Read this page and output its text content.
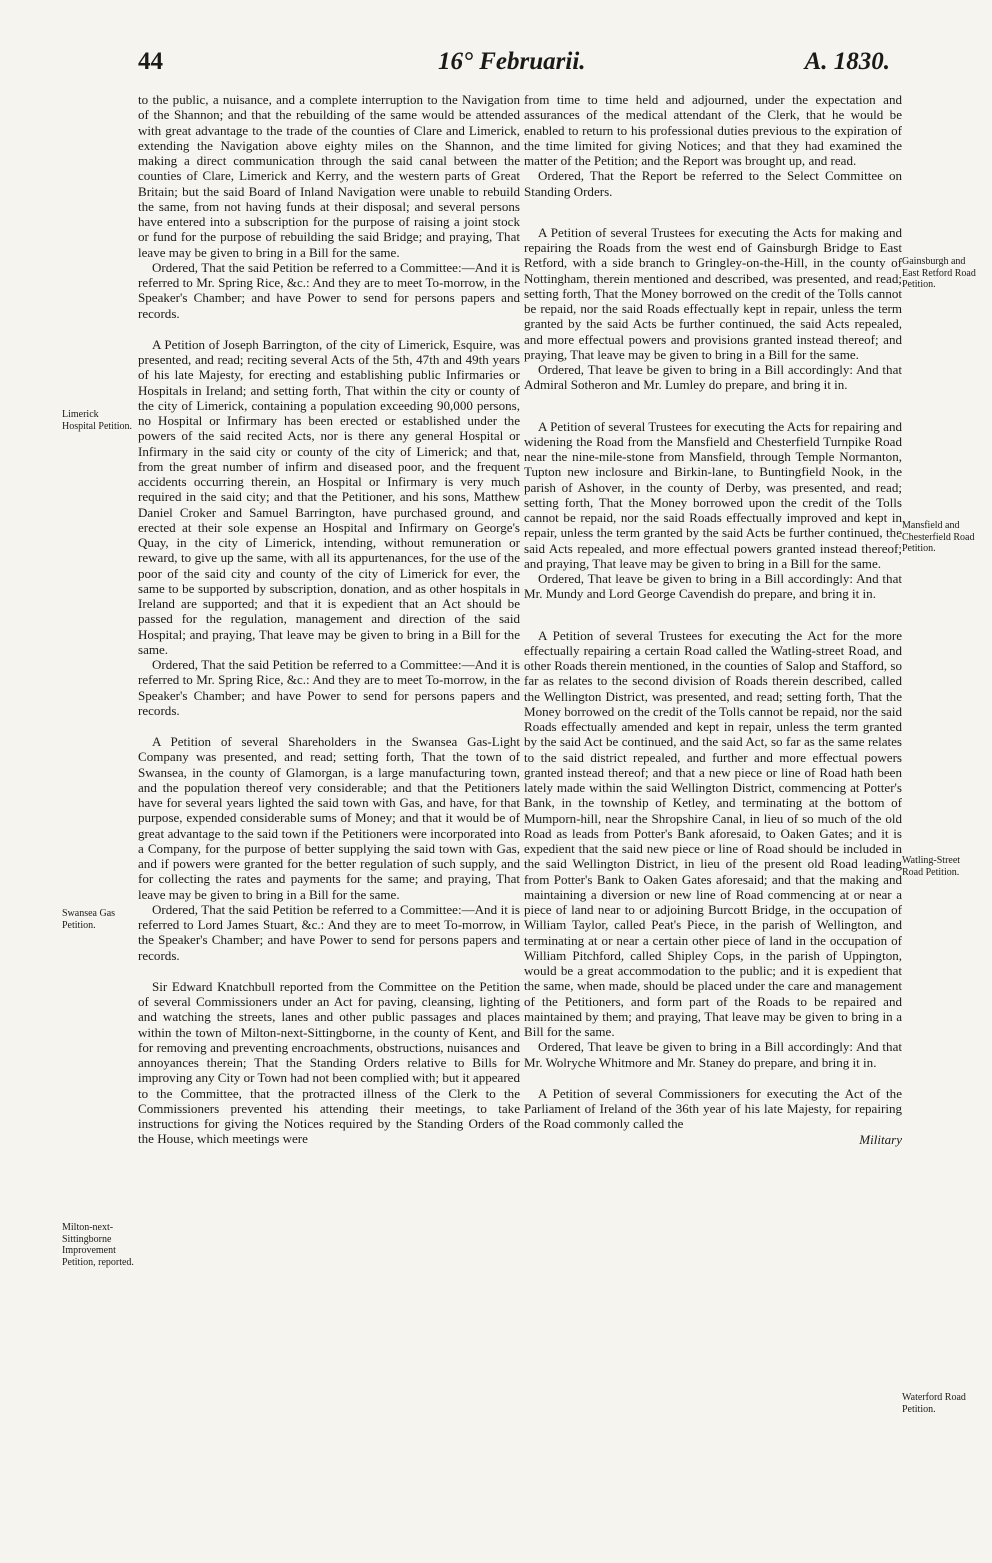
44	16° Februarii.	A. 1830.
Limerick Hospital Petition.
Swansea Gas Petition.
Milton-next-Sittingborne Improvement Petition, reported.
Gainsburgh and East Retford Road Petition.
Mansfield and Chesterfield Road Petition.
Watling-Street Road Petition.
Waterford Road Petition.

to the public, a nuisance, and a complete interruption to the Navigation of the Shannon; and that the rebuilding of the same would be attended with great advantage to the trade of the counties of Clare and Limerick, extending the Navigation above eighty miles on the Shannon, and making a direct communication through the said canal between the counties of Clare, Limerick and Kerry, and the western parts of Great Britain; but the said Board of Inland Navigation were unable to rebuild the same, from not having funds at their disposal; and several persons have entered into a subscription for the purpose of raising a joint stock or fund for the purpose of rebuilding the said Bridge; and praying, That leave may be given to bring in a Bill for the same.

Ordered, That the said Petition be referred to a Committee:—And it is referred to Mr. Spring Rice, &c.: And they are to meet To-morrow, in the Speaker's Chamber; and have Power to send for persons papers and records.

A Petition of Joseph Barrington, of the city of Limerick, Esquire, was presented, and read; reciting several Acts of the 5th, 47th and 49th years of his late Majesty, for erecting and establishing public Infirmaries or Hospitals in Ireland; and setting forth, That within the city or county of the city of Limerick, containing a population exceeding 90,000 persons, no Hospital or Infirmary has been erected or established under the powers of the said recited Acts, nor is there any general Hospital or Infirmary in the said city or county of the city of Limerick; and that, from the great number of infirm and diseased poor, and the frequent accidents occurring therein, an Hospital or Infirmary is very much required in the said city; and that the Petitioner, and his sons, Matthew Daniel Croker and Samuel Barrington, have purchased ground, and erected at their sole expense an Hospital and Infirmary on George's Quay, in the city of Limerick, intending, without remuneration or reward, to give up the same, with all its appurtenances, for the use of the poor of the said city and county of the city of Limerick for ever, the same to be supported by subscription, donation, and as other hospitals in Ireland are supported; and that it is expedient that an Act should be passed for the regulation, management and direction of the said Hospital; and praying, That leave may be given to bring in a Bill for the same.

Ordered, That the said Petition be referred to a Committee:—And it is referred to Mr. Spring Rice, &c.: And they are to meet To-morrow, in the Speaker's Chamber; and have Power to send for persons papers and records.

A Petition of several Shareholders in the Swansea Gas-Light Company was presented, and read; setting forth, That the town of Swansea, in the county of Glamorgan, is a large manufacturing town, and the population thereof very considerable; and that the Petitioners have for several years lighted the said town with Gas, and have, for that purpose, expended considerable sums of Money; and that it would be of great advantage to the said town if the Petitioners were incorporated into a Company, for the purpose of better supplying the said town with Gas, and if powers were granted for the better regulation of such supply, and for collecting the rates and payments for the same; and praying, That leave may be given to bring in a Bill for the same.

Ordered, That the said Petition be referred to a Committee:—And it is referred to Lord James Stuart, &c.: And they are to meet To-morrow, in the Speaker's Chamber; and have Power to send for persons papers and records.

Sir Edward Knatchbull reported from the Committee on the Petition of several Commissioners under an Act for paving, cleansing, lighting and watching the streets, lanes and other public passages and places within the town of Milton-next-Sittingborne, in the county of Kent, and for removing and preventing encroachments, obstructions, nuisances and annoyances therein; That the Standing Orders relative to Bills for improving any City or Town had not been complied with; but it appeared to the Committee, that the protracted illness of the Clerk to the Commissioners prevented his attending their meetings, to take instructions for giving the Notices required by the Standing Orders of the House, which meetings were

from time to time held and adjourned, under the expectation and assurances of the medical attendant of the Clerk, that he would be enabled to return to his professional duties previous to the expiration of the time limited for giving Notices; and that they had examined the matter of the Petition; and the Report was brought up, and read.

Ordered, That the Report be referred to the Select Committee on Standing Orders.

A Petition of several Trustees for executing the Acts for making and repairing the Roads from the west end of Gainsburgh Bridge to East Retford, with a side branch to Gringley-on-the-Hill, in the county of Nottingham, therein mentioned and described, was presented, and read; setting forth, That the Money borrowed on the credit of the Tolls cannot be repaid, nor the said Roads effectually kept in repair, unless the term granted by the said Acts be further continued, the said Acts repealed, and more effectual powers and provisions granted instead thereof; and praying, That leave may be given to bring in a Bill for the same.

Ordered, That leave be given to bring in a Bill accordingly: And that Admiral Sotheron and Mr. Lumley do prepare, and bring it in.

A Petition of several Trustees for executing the Acts for repairing and widening the Road from the Mansfield and Chesterfield Turnpike Road near the nine-mile-stone from Mansfield, through Temple Normanton, Tupton new inclosure and Birkin-lane, to Buntingfield Nook, in the parish of Ashover, in the county of Derby, was presented, and read; setting forth, That the Money borrowed upon the credit of the Tolls cannot be repaid, nor the said Roads effectually improved and kept in repair, unless the term granted by the said Acts be further continued, the said Acts repealed, and more effectual powers granted instead thereof; and praying, That leave may be given to bring in a Bill for the same.

Ordered, That leave be given to bring in a Bill accordingly: And that Mr. Mundy and Lord George Cavendish do prepare, and bring it in.

A Petition of several Trustees for executing the Act for the more effectually repairing a certain Road called the Watling-street Road, and other Roads therein mentioned, in the counties of Salop and Stafford, so far as relates to the second division of Roads therein described, called the Wellington District, was presented, and read; setting forth, That the Money borrowed on the credit of the Tolls cannot be repaid, nor the said Roads effectually amended and kept in repair, unless the term granted by the said Act be continued, and the said Act, so far as the same relates to the said district repealed, and further and more effectual powers granted instead thereof; and that a new piece or line of Road hath been lately made within the said Wellington District, commencing at Potter's Bank, in the township of Ketley, and terminating at the bottom of Mumporn-hill, near the Shropshire Canal, in lieu of so much of the old Road as leads from Potter's Bank aforesaid, to Oaken Gates; and it is expedient that the said new piece or line of Road should be included in the said Wellington District, in lieu of the present old Road leading from Potter's Bank to Oaken Gates aforesaid; and that the making and maintaining a diversion or new line of Road commencing at or near a piece of land near to or adjoining Burcott Bridge, in the occupation of William Taylor, called Peat's Piece, in the parish of Wellington, and terminating at or near a certain other piece of land in the occupation of William Pitchford, called Shipley Cops, in the parish of Uppington, would be a great accommodation to the public; and it is expedient that the same, when made, should be placed under the care and management of the Petitioners, and form part of the Roads to be repaired and maintained by them; and praying, That leave may be given to bring in a Bill for the same.

Ordered, That leave be given to bring in a Bill accordingly: And that Mr. Wolryche Whitmore and Mr. Staney do prepare, and bring it in.

A Petition of several Commissioners for executing the Act of the Parliament of Ireland of the 36th year of his late Majesty, for repairing the Road commonly called the

Military
